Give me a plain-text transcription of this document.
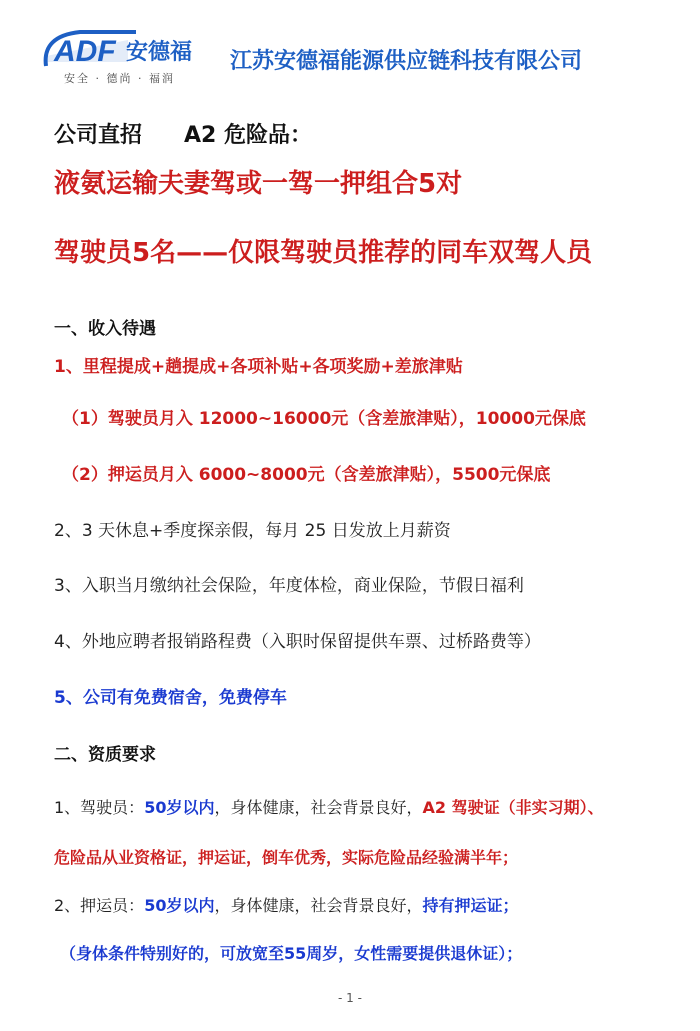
ADF 安德福
安全 · 德尚 · 福润
江苏安德福能源供应链科技有限公司
公司直招 A2 危险品：
液氨运输夫妻驾或一驾一押组合5对
驾驶员5名——仅限驾驶员推荐的同车双驾人员
一、收入待遇
1、里程提成+趟提成+各项补贴+各项奖励+差旅津贴
（1）驾驶员月入 12000~16000元（含差旅津贴），10000元保底
（2）押运员月入 6000~8000元（含差旅津贴），5500元保底
2、3 天休息+季度探亲假，每月 25 日发放上月薪资
3、入职当月缴纳社会保险，年度体检，商业保险，节假日福利
4、外地应聘者报销路程费（入职时保留提供车票、过桥路费等）
5、公司有免费宿舍，免费停车
二、资质要求
1、驾驶员：50岁以内，身体健康，社会背景良好，A2 驾驶证（非实习期）、
危险品从业资格证，押运证，倒车优秀，实际危险品经验满半年；
2、押运员：50岁以内，身体健康，社会背景良好，持有押运证；
（身体条件特别好的，可放宽至55周岁，女性需要提供退休证）；
- 1 -
